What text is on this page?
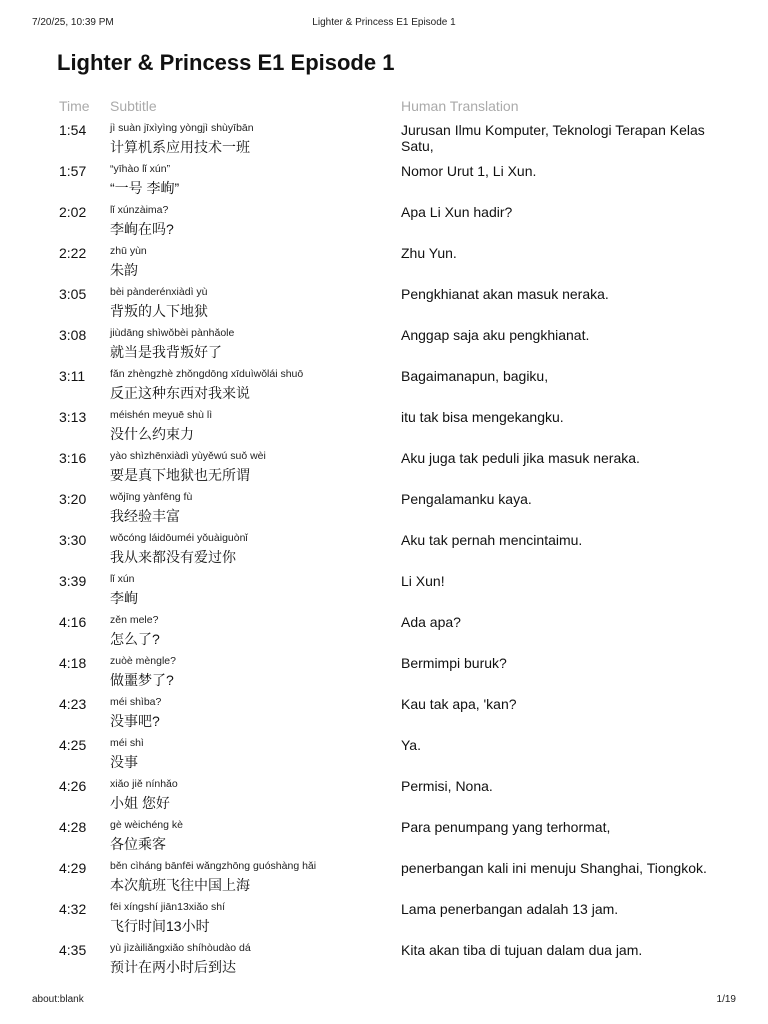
7/20/25, 10:39 PM	Lighter & Princess E1 Episode 1
Lighter & Princess E1 Episode 1
Time Subtitle	Human Translation
1:54 jì suàn jīxìyìng yòngjì shùyībān
计算机系应用技术一班
Jurusan Ilmu Komputer, Teknologi Terapan Kelas Satu,
1:57 “yīhào lǐ xún”
“一号 李峋”
Nomor Urut 1, Li Xun.
2:02 lǐ xúnzàima?
李峋在吗?
Apa Li Xun hadir?
2:22 zhū yùn
朱韵
Zhu Yun.
3:05 bèi pànderénxiàdì yù
背叛的人下地狱
Pengkhianat akan masuk neraka.
3:08 jiùdāng shìwǒbèi pànhǎole
就当是我背叛好了
Anggap saja aku pengkhianat.
3:11 fǎn zhèngzhè zhǒngdōng xīduìwǒlái shuō
反正这种东西对我来说
Bagaimanapun, bagiku,
3:13 méishén meyuē shù lì
没什么约束力
itu tak bisa mengekangku.
3:16 yào shìzhēnxiàdì yùyěwú suǒ wèi
要是真下地狱也无所谓
Aku juga tak peduli jika masuk neraka.
3:20 wǒjīng yànfēng fù
我经验丰富
Pengalamanku kaya.
3:30 wǒcóng láidōuméi yǒuàiguònǐ
我从来都没有爱过你
Aku tak pernah mencintaimu.
3:39 lǐ xún
李峋
Li Xun!
4:16 zěn mele?
怎么了?
Ada apa?
4:18 zuòè mèngle?
做噩梦了?
Bermimpi buruk?
4:23 méi shìba?
没事吧?
Kau tak apa, 'kan?
4:25 méi shì
没事
Ya.
4:26 xiǎo jiě nínhǎo
小姐 您好
Permisi, Nona.
4:28 gè wèichéng kè
各位乘客
Para penumpang yang terhormat,
4:29 běn cìháng bānfēi wǎngzhōng guóshàng hǎi
本次航班飞往中国上海
penerbangan kali ini menuju Shanghai, Tiongkok.
4:32 fēi xíngshí jiān13xiǎo shí
飞行时间13小时
Lama penerbangan adalah 13 jam.
4:35 yù jìzàiliǎngxiǎo shíhòudào dá
预计在两小时后到达
Kita akan tiba di tujuan dalam dua jam.
about:blank	1/19
